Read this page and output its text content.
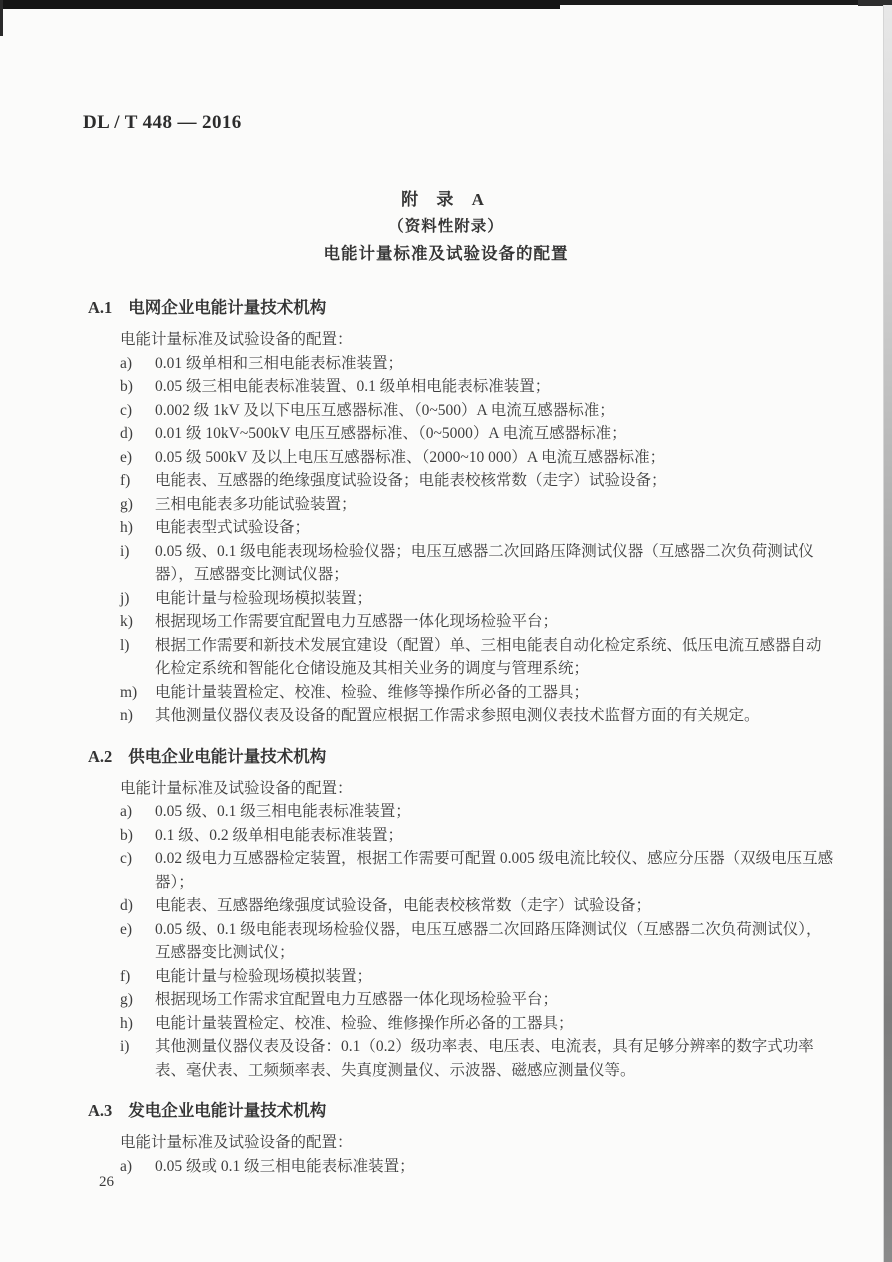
DL / T 448 — 2016
附 录 A
（资料性附录）
电能计量标准及试验设备的配置
A.1 电网企业电能计量技术机构
电能计量标准及试验设备的配置：
a)	0.01 级单相和三相电能表标准装置；
b)	0.05 级三相电能表标准装置、0.1 级单相电能表标准装置；
c)	0.002 级 1kV 及以下电压互感器标准、（0~500）A 电流互感器标准；
d)	0.01 级 10kV~500kV 电压互感器标准、（0~5000）A 电流互感器标准；
e)	0.05 级 500kV 及以上电压互感器标准、（2000~10 000）A 电流互感器标准；
f)	电能表、互感器的绝缘强度试验设备；电能表校核常数（走字）试验设备；
g)	三相电能表多功能试验装置；
h)	电能表型式试验设备；
i)	0.05 级、0.1 级电能表现场检验仪器；电压互感器二次回路压降测试仪器（互感器二次负荷测试仪器），互感器变比测试仪器；
j)	电能计量与检验现场模拟装置；
k)	根据现场工作需要宜配置电力互感器一体化现场检验平台；
l)	根据工作需要和新技术发展宜建设（配置）单、三相电能表自动化检定系统、低压电流互感器自动化检定系统和智能化仓储设施及其相关业务的调度与管理系统；
m)	电能计量装置检定、校准、检验、维修等操作所必备的工器具；
n)	其他测量仪器仪表及设备的配置应根据工作需求参照电测仪表技术监督方面的有关规定。
A.2 供电企业电能计量技术机构
电能计量标准及试验设备的配置：
a)	0.05 级、0.1 级三相电能表标准装置；
b)	0.1 级、0.2 级单相电能表标准装置；
c)	0.02 级电力互感器检定装置，根据工作需要可配置 0.005 级电流比较仪、感应分压器（双级电压互感器）；
d)	电能表、互感器绝缘强度试验设备，电能表校核常数（走字）试验设备；
e)	0.05 级、0.1 级电能表现场检验仪器，电压互感器二次回路压降测试仪（互感器二次负荷测试仪），互感器变比测试仪；
f)	电能计量与检验现场模拟装置；
g)	根据现场工作需求宜配置电力互感器一体化现场检验平台；
h)	电能计量装置检定、校准、检验、维修操作所必备的工器具；
i)	其他测量仪器仪表及设备：0.1（0.2）级功率表、电压表、电流表，具有足够分辨率的数字式功率表、毫伏表、工频频率表、失真度测量仪、示波器、磁感应测量仪等。
A.3 发电企业电能计量技术机构
电能计量标准及试验设备的配置：
a)	0.05 级或 0.1 级三相电能表标准装置；
26
